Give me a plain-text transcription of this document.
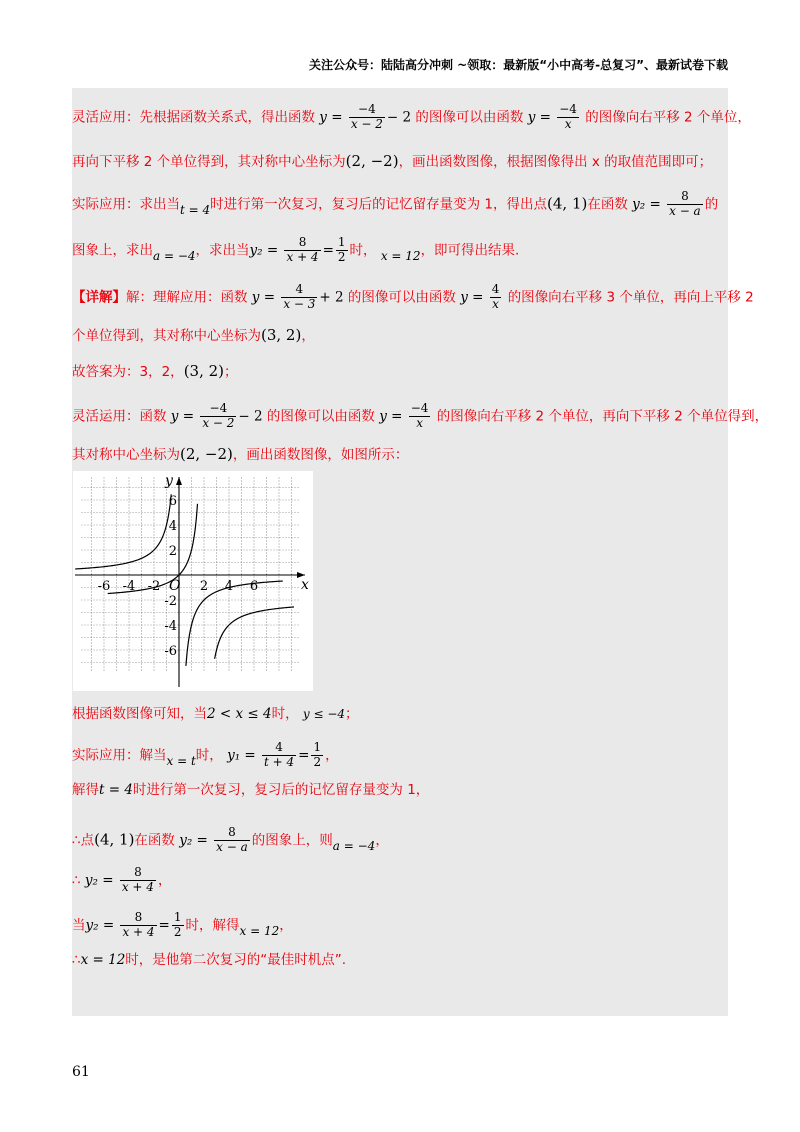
关注公众号：陆陆高分冲刺 ~领取：最新版“小中高考-总复习”、最新试卷下载
灵活应用：先根据函数关系式，得出函数 $y = \frac{-4}{x - 2} - 2$ 的图像可以由函数 $y = \frac{-4}{x}$ 的图像向右平移 2 个单位，
再向下平移 2 个单位得到，其对称中心坐标为(2, −2)，画出函数图像，根据图像得出 x 的取值范围即可；
实际应用：求出当t = 4时进行第一次复习，复习后的记忆留存量变为 1，得出点(4, 1)在函数 $y_2 = \frac{8}{x - a}$ 的
图象上，求出a = −4，求出当$y_2 = \frac{8}{x + 4} = \frac{1}{2}$ 时， x = 12，即可得出结果.
【详解】解：理解应用：函数 $y = \frac{4}{x - 3} + 2$ 的图像可以由函数 $y = \frac{4}{x}$ 的图像向右平移 3 个单位，再向上平移 2
个单位得到，其对称中心坐标为(3, 2)，
故答案为：3，2，(3, 2)；
灵活运用：函数 $y = \frac{-4}{x - 2} - 2$ 的图像可以由函数 $y = \frac{-4}{x}$ 的图像向右平移 2 个单位，再向下平移 2 个单位得到，
其对称中心坐标为(2, −2)，画出函数图像，如图所示：
x
y
O
-6 -4 -2	2 4 6
6
4
2
-2
-4
-6
根据函数图像可知，当2 < x ≤ 4时， y ≤ −4；
实际应用：解当x = t时， $y_1 = \frac{4}{t + 4} = \frac{1}{2}$ ，
解得t = 4时进行第一次复习，复习后的记忆留存量变为 1，
∴点(4, 1)在函数 $y_2 = \frac{8}{x - a}$ 的图象上，则a = −4，
∴ $y_2 = \frac{8}{x + 4}$ ，
当$y_2 = \frac{8}{x + 4} = \frac{1}{2}$ 时，解得x = 12，
∴x = 12时，是他第二次复习的“最佳时机点”.
61
